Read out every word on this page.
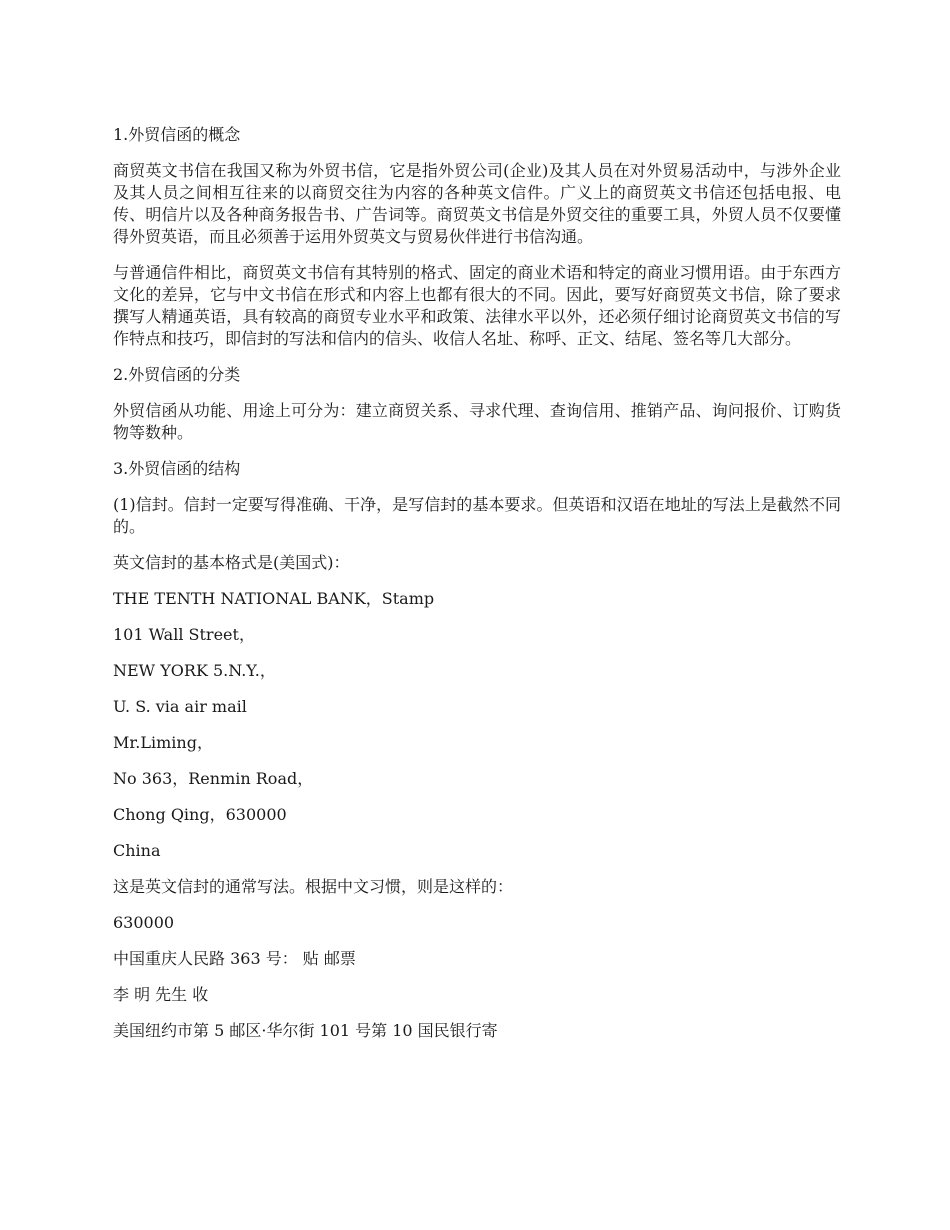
1.外贸信函的概念

商贸英文书信在我国又称为外贸书信，它是指外贸公司(企业)及其人员在对外贸易活动中，与涉外企业及其人员之间相互往来的以商贸交往为内容的各种英文信件。广义上的商贸英文书信还包括电报、电传、明信片以及各种商务报告书、广告词等。商贸英文书信是外贸交往的重要工具，外贸人员不仅要懂得外贸英语，而且必须善于运用外贸英文与贸易伙伴进行书信沟通。

与普通信件相比，商贸英文书信有其特别的格式、固定的商业术语和特定的商业习惯用语。由于东西方文化的差异，它与中文书信在形式和内容上也都有很大的不同。因此，要写好商贸英文书信，除了要求撰写人精通英语，具有较高的商贸专业水平和政策、法律水平以外，还必须仔细讨论商贸英文书信的写作特点和技巧，即信封的写法和信内的信头、收信人名址、称呼、正文、结尾、签名等几大部分。

2.外贸信函的分类

外贸信函从功能、用途上可分为：建立商贸关系、寻求代理、查询信用、推销产品、询问报价、订购货物等数种。

3.外贸信函的结构

(1)信封。信封一定要写得准确、干净，是写信封的基本要求。但英语和汉语在地址的写法上是截然不同的。

英文信封的基本格式是(美国式)：

THE TENTH NATIONAL BANK，Stamp

101 Wall Street，

NEW YORK 5.N.Y.，

U. S. via air mail

Mr.Liming，

No 363，Renmin Road，

Chong Qing，630000

China

这是英文信封的通常写法。根据中文习惯，则是这样的：

630000

中国重庆人民路 363 号： 贴 邮票

李 明 先生 收

美国纽约市第 5 邮区·华尔街 101 号第 10 国民银行寄
